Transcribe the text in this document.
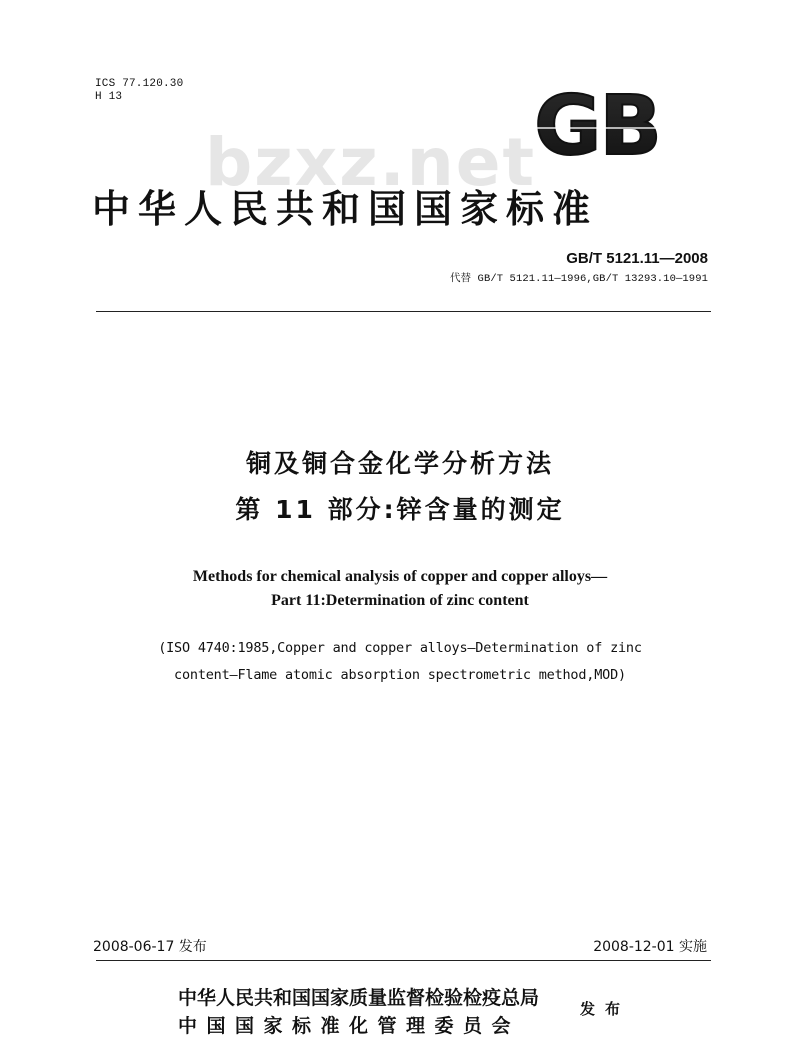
ICS 77.120.30
H 13	GB
bzxz.net
中华人民共和国国家标准
GB/T 5121.11—2008
代替 GB/T 5121.11—1996,GB/T 13293.10—1991
铜及铜合金化学分析方法
第 11 部分:锌含量的测定
Methods for chemical analysis of copper and copper alloys—
Part 11:Determination of zinc content
(ISO 4740:1985,Copper and copper alloys—Determination of zinc
content—Flame atomic absorption spectrometric method,MOD)
2008-06-17 发布	2008-12-01 实施
中华人民共和国国家质量监督检验检疫总局
中国国家标准化管理委员会
发布
